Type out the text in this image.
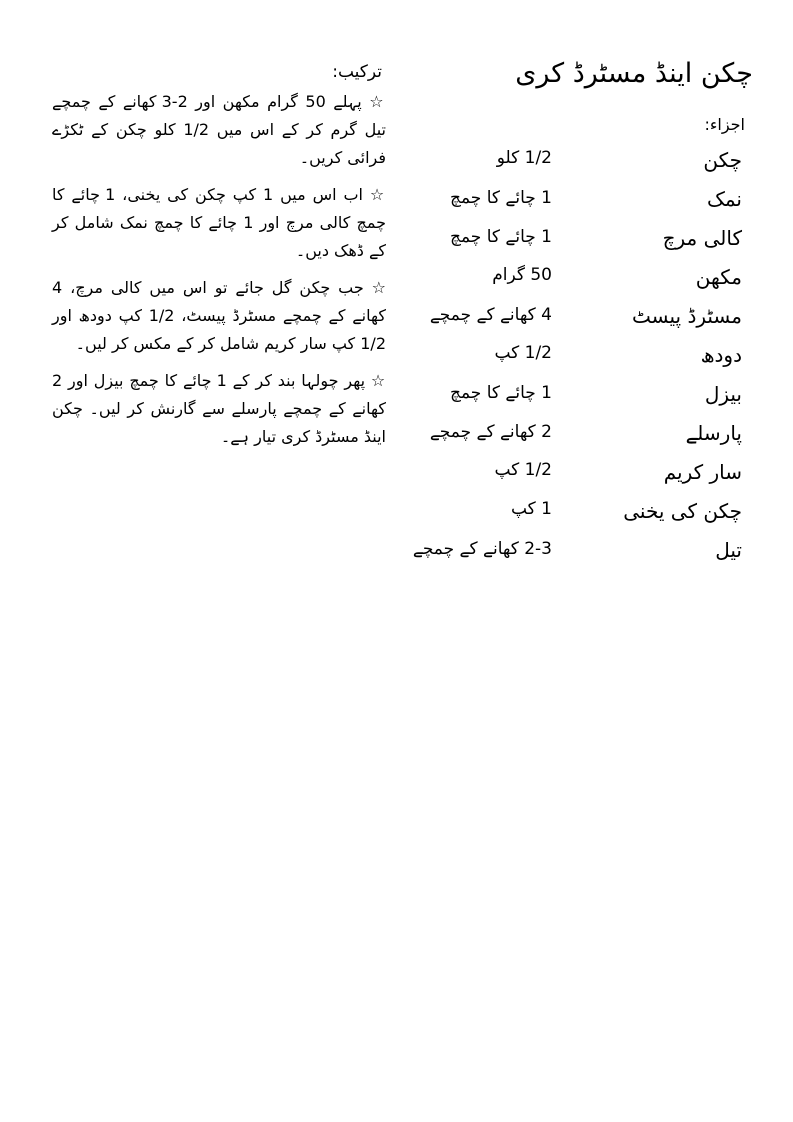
چکن اینڈ مسٹرڈ کری
اجزاء:
چکن
1/2 کلو
نمک
1 چائے کا چمچ
کالی مرچ
1 چائے کا چمچ
مکھن
50 گرام
مسٹرڈ پیسٹ
4 کھانے کے چمچے
دودھ
1/2 کپ
بیزل
1 چائے کا چمچ
پارسلے
2 کھانے کے چمچے
سار کریم
1/2 کپ
چکن کی یخنی
1 کپ
تیل
2-3 کھانے کے چمچے
ترکیب:

☆ پہلے 50 گرام مکھن اور 2-3 کھانے کے چمچے تیل گرم کر کے اس میں 1/2 کلو چکن کے ٹکڑے فرائی کریں۔

☆ اب اس میں 1 کپ چکن کی یخنی، 1 چائے کا چمچ کالی مرچ اور 1 چائے کا چمچ نمک شامل کر کے ڈھک دیں۔

☆ جب چکن گل جائے تو اس میں کالی مرچ، 4 کھانے کے چمچے مسٹرڈ پیسٹ، 1/2 کپ دودھ اور 1/2 کپ سار کریم شامل کر کے مکس کر لیں۔

☆ پھر چولہا بند کر کے 1 چائے کا چمچ بیزل اور 2 کھانے کے چمچے پارسلے سے گارنش کر لیں۔ چکن اینڈ مسٹرڈ کری تیار ہے۔
